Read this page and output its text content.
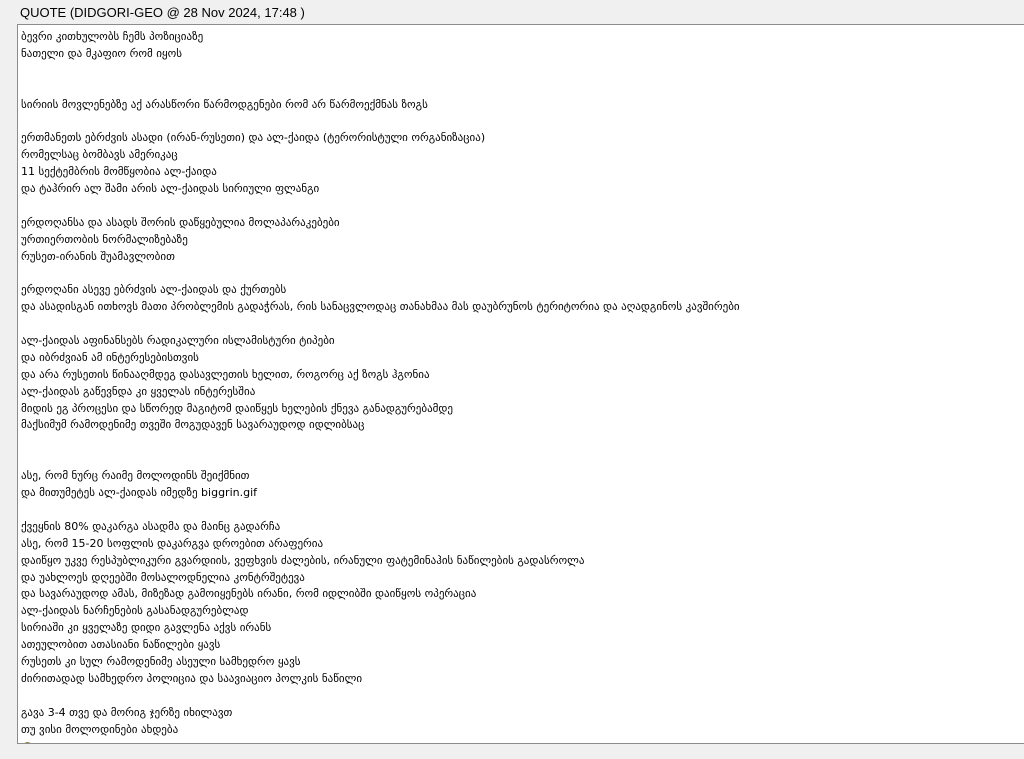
QUOTE (DIDGORI-GEO @ 28 Nov 2024, 17:48 )
ბევრი კითხულობს ჩემს პოზიციაზე
ნათელი და მკაფიო რომ იყოს
სირიის მოვლენებზე აქ არასწორი წარმოდგენები რომ არ წარმოექმნას ზოგს
ერთმანეთს ებრძვის ასადი (ირან-რუსეთი) და ალ-ქაიდა (ტერორისტული ორგანიზაცია)
რომელსაც ბომბავს ამერიკაც
11 სექტემბრის მომწყობია ალ-ქაიდა
და ტაჰრირ ალ შამი არის ალ-ქაიდას სირიული ფლანგი
ერდოღანსა და ასადს შორის დაწყებულია მოლაპარაკებები
ურთიერთობის ნორმალიზებაზე
რუსეთ-ირანის შუამავლობით
ერდოღანი ასევე ებრძვის ალ-ქაიდას და ქურთებს
და ასადისგან ითხოვს მათი პრობლემის გადაჭრას, რის სანაცვლოდაც თანახმაა მას დაუბრუნოს ტერიტორია და აღადგინოს კავშირები
ალ-ქაიდას აფინანსებს რადიკალური ისლამისტური ტიპები
და იბრძვიან ამ ინტერესებისთვის
და არა რუსეთის წინააღმდეგ დასავლეთის ხელით, როგორც აქ ზოგს ჰგონია
ალ-ქაიდას გაწევნდა კი ყველას ინტერესშია
მიდის ეგ პროცესი და სწორედ მაგიტომ დაიწყეს ხელების ქნევა განადგურებამდე
მაქსიმუმ რამოდენიმე თვეში მოგუდავენ სავარაუდოდ იდლიბსაც
ასე, რომ ნურც რაიმე მოლოდინს შეიქმნით
და მითუმეტეს ალ-ქაიდას იმედზე biggrin.gif
ქვეყნის 80% დაკარგა ასადმა და მაინც გადარჩა
ასე, რომ 15-20 სოფლის დაკარგვა დროებით არაფერია
დაიწყო უკვე რესპუბლიკური გვარდიის, ვეფხვის ძალების, ირანული ფატემინაჰის ნაწილების გადასროლა
და უახლოეს დღეებში მოსალოდნელია კონტრშეტევა
და სავარაუდოდ ამას, მიზეზად გამოიყენებს ირანი, რომ იდლიბში დაიწყოს ოპერაცია
ალ-ქაიდას ნარჩენების გასანადგურებლად
სირიაში კი ყველაზე დიდი გავლენა აქვს ირანს
ათეულობით ათასიანი ნაწილები ყავს
რუსეთს კი სულ რამოდენიმე ასეული სამხედრო ყავს
ძირითადად სამხედრო პოლიცია და საავიაციო პოლკის ნაწილი
გავა 3-4 თვე და მორიგ ჯერზე იხილავთ
თუ ვისი მოლოდინები ახდება
